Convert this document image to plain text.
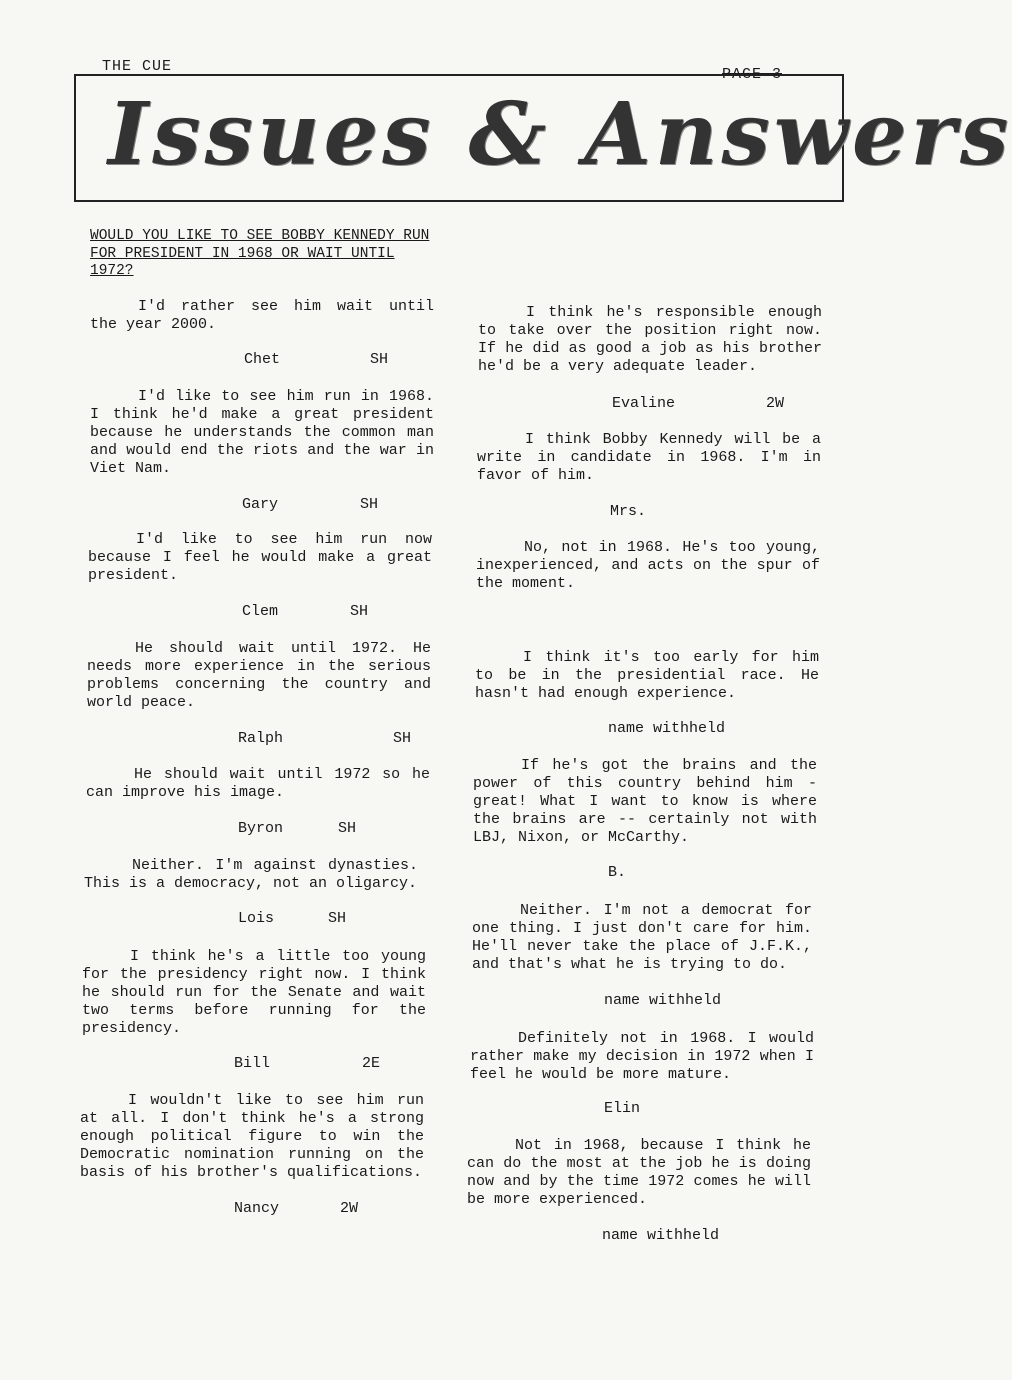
THE CUE	PAGE 3
Issues & Answers
WOULD YOU LIKE TO SEE BOBBY KENNEDY RUN FOR PRESIDENT IN 1968 OR WAIT UNTIL 1972?
I'd rather see him wait until the year 2000.
Chet	SH
I'd like to see him run in 1968. I think he'd make a great president because he understands the common man and would end the riots and the war in Viet Nam.
Gary	SH
I'd like to see him run now because I feel he would make a great president.
Clem	SH
He should wait until 1972. He needs more experience in the serious problems concerning the country and world peace.
Ralph	SH
He should wait until 1972 so he can improve his image.
Byron	SH
Neither. I'm against dynasties. This is a democracy, not an oligarcy.
Lois	SH
I think he's a little too young for the presidency right now. I think he should run for the Senate and wait two terms before running for the presidency.
Bill	2E
I wouldn't like to see him run at all. I don't think he's a strong enough political figure to win the Democratic nomination running on the basis of his brother's qualifications.
Nancy	2W
I think he's responsible enough to take over the position right now. If he did as good a job as his brother he'd be a very adequate leader.
Evaline	2W
I think Bobby Kennedy will be a write in candidate in 1968. I'm in favor of him.
Mrs.
No, not in 1968. He's too young, inexperienced, and acts on the spur of the moment.
I think it's too early for him to be in the presidential race. He hasn't had enough experience.
name withheld
If he's got the brains and the power of this country behind him - great! What I want to know is where the brains are -- certainly not with LBJ, Nixon, or McCarthy.
B.
Neither. I'm not a democrat for one thing. I just don't care for him. He'll never take the place of J.F.K., and that's what he is trying to do.
name withheld
Definitely not in 1968. I would rather make my decision in 1972 when I feel he would be more mature.
Elin
Not in 1968, because I think he can do the most at the job he is doing now and by the time 1972 comes he will be more experienced.
name withheld
